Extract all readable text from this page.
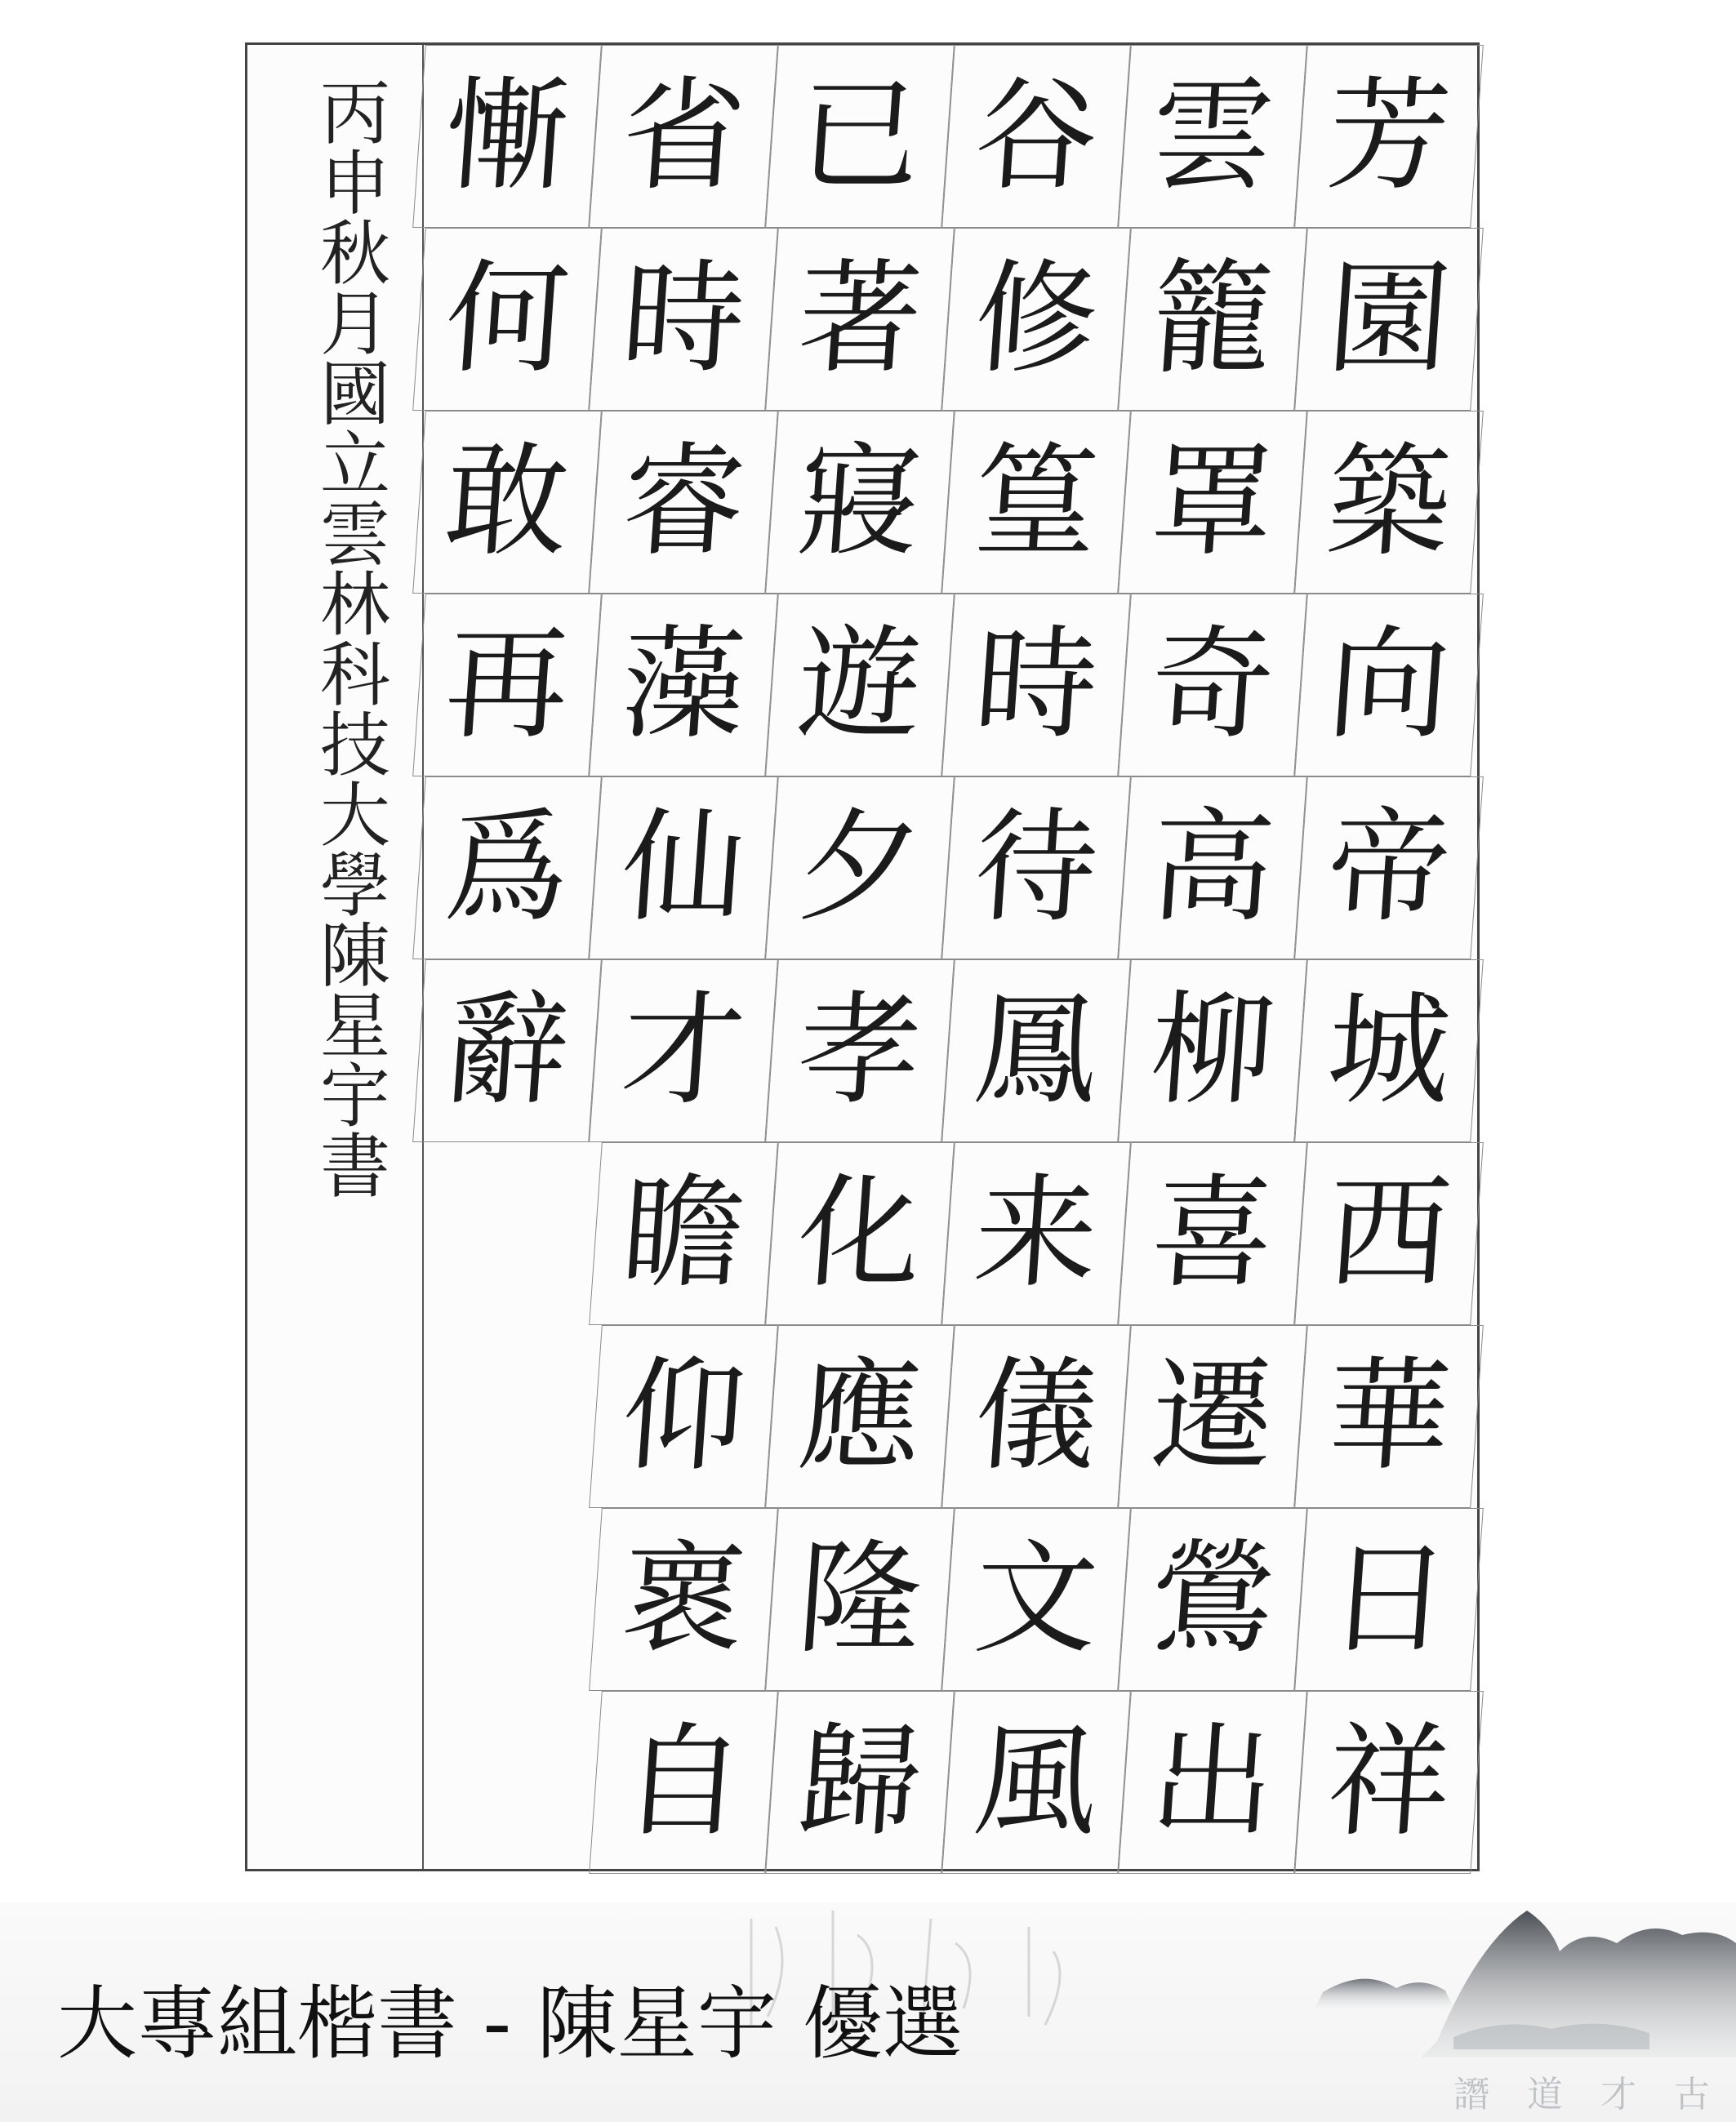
丙申秋月國立雲林科技大學陳星宇書	芳
園
築
向
帝
城
西
華
日
祥
雲
籠
罩
奇
高
柳
喜
遷
鶯
出
谷
修
篁
時
待
鳳
来
儀
文
風
已
著
寢
遊
夕
孝
化
應
隆
歸
省
時
睿
藻
仙
才
瞻
仰
褱
自
慚
何
敢
再
爲
辭
譖 道 才 古
大專組楷書 - 陳星宇 優選
